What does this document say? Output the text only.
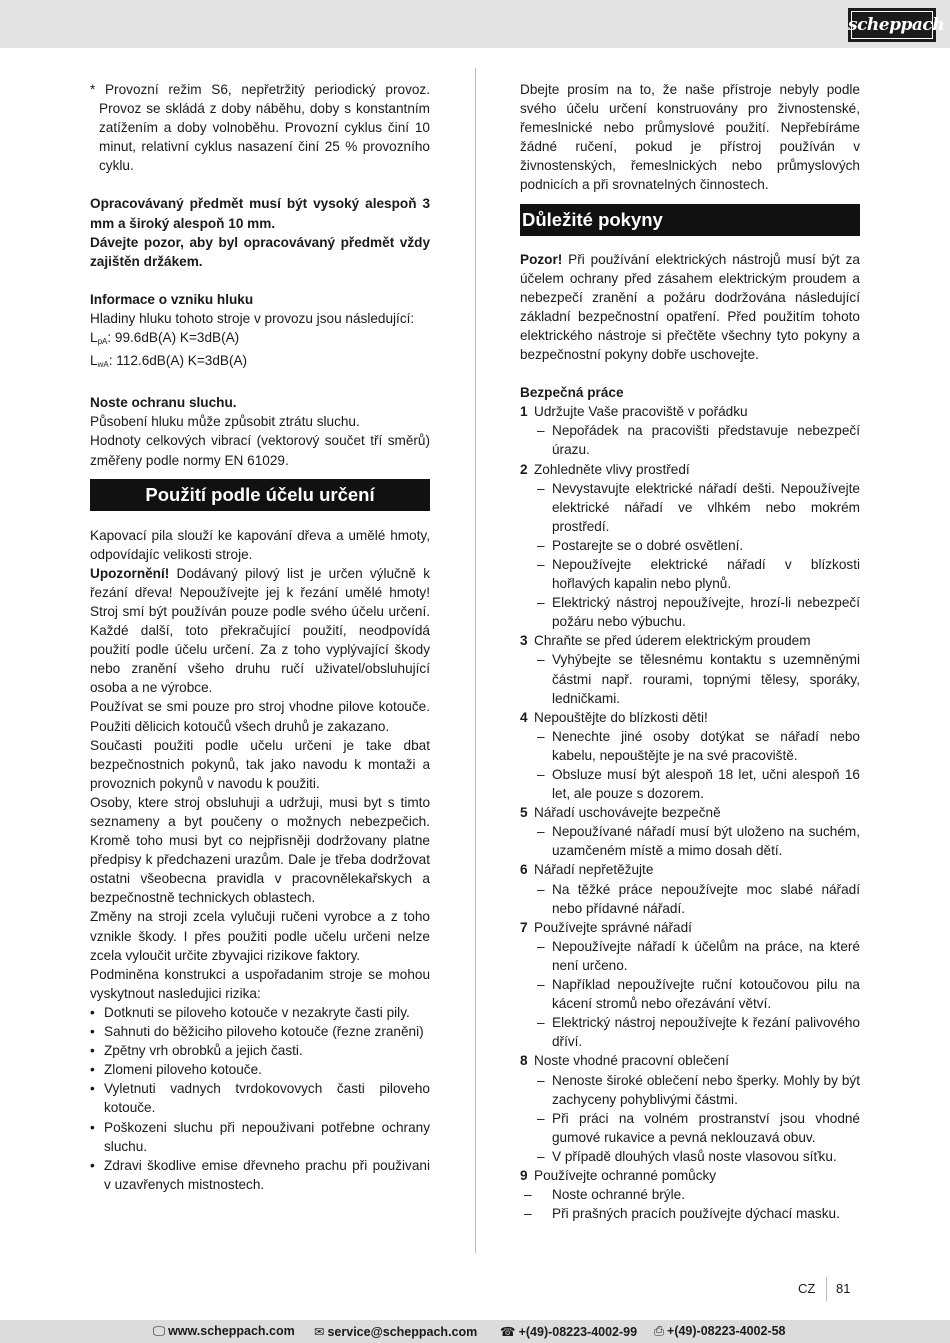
scheppach

* Provozní režim S6, nepřetržitý periodický provoz. Provoz se skládá z doby náběhu, doby s konstantním zatížením a doby volnoběhu. Provozní cyklus činí 10 minut, relativní cyklus nasazení činí 25 % provozního cyklu.

Opracovávaný předmět musí být vysoký alespoň 3 mm a široký alespoň 10 mm.

Dávejte pozor, aby byl opracovávaný předmět vždy zajištěn držákem.

Informace o vzniku hluku

Hladiny hluku tohoto stroje v provozu jsou následující:

$L_{pA}$: 99.6dB(A) K=3dB(A)

$L_{wA}$: 112.6dB(A) K=3dB(A)

Noste ochranu sluchu.

Působení hluku může způsobit ztrátu sluchu.

Hodnoty celkových vibrací (vektorový součet tří směrů) změřeny podle normy EN 61029.

Použití podle účelu určení

Kapovací pila slouží ke kapování dřeva a umělé hmoty, odpovídajíc velikosti stroje.

Upozornění! Dodávaný pilový list je určen výlučně k řezání dřeva! Nepoužívejte jej k řezání umělé hmoty! Stroj smí být používán pouze podle svého účelu určení. Každé další, toto překračující použití, neodpovídá použití podle účelu určení. Za z toho vyplývající škody nebo zranění všeho druhu ručí uživatel/obsluhující osoba a ne výrobce.

Používat se smi pouze pro stroj vhodne pilove kotouče. Použiti dělicich kotoučů všech druhů je zakazano.

Současti použiti podle učelu určeni je take dbat bezpečnostnich pokynů, tak jako navodu k montaži a provoznich pokynů v navodu k použiti.

Osoby, ktere stroj obsluhuji a udržuji, musi byt s timto seznameny a byt poučeny o možnych nebezpečich. Kromě toho musi byt co nejpřisněji dodržovany platne předpisy k předchazeni urazům. Dale je třeba dodržovat ostatni všeobecna pravidla v pracovnělekařskych a bezpečnostně technickych oblastech.

Změny na stroji zcela vylučuji ručeni vyrobce a z toho vznikle škody. I přes použiti podle učelu určeni nelze zcela vyloučit určite zbyvajici rizikove faktory.

Podminěna konstrukci a uspořadanim stroje se mohou vyskytnout nasledujici rizika:

• Dotknuti se piloveho kotouče v nezakryte časti pily.
• Sahnuti do běžiciho piloveho kotouče (řezne zraněni)
• Zpětny vrh obrobků a jejich časti.
• Zlomeni piloveho kotouče.
• Vyletnuti vadnych tvrdokovovych časti piloveho kotouče.
• Poškozeni sluchu při nepouživani potřebne ochrany sluchu.
• Zdravi škodlive emise dřevneho prachu při použivani v uzavřenych mistnostech.

Dbejte prosím na to, že naše přístroje nebyly podle svého účelu určení konstruovány pro živnostenské, řemeslnické nebo průmyslové použití. Nepřebíráme žádné ručení, pokud je přístroj používán v živnostenských, řemeslnických nebo průmyslových podnicích a při srovnatelných činnostech.

Důležité pokyny

Pozor! Při používání elektrických nástrojů musí být za účelem ochrany před zásahem elektrickým proudem a nebezpečí zranění a požáru dodržována následující základní bezpečnostní opatření. Před použitím tohoto elektrického nástroje si přečtěte všechny tyto pokyny a bezpečnostní pokyny dobře uschovejte.

Bezpečná práce

1 Udržujte Vaše pracoviště v pořádku
– Nepořádek na pracovišti představuje nebezpečí úrazu.
2 Zohledněte vlivy prostředí
– Nevystavujte elektrické nářadí dešti. Nepoužívejte elektrické nářadí ve vlhkém nebo mokrém prostředí.
– Postarejte se o dobré osvětlení.
– Nepoužívejte elektrické nářadí v blízkosti hořlavých kapalin nebo plynů.
– Elektrický nástroj nepoužívejte, hrozí-li nebezpečí požáru nebo výbuchu.
3 Chraňte se před úderem elektrickým proudem
– Vyhýbejte se tělesnému kontaktu s uzemněnými částmi např. rourami, topnými tělesy, sporáky, ledničkami.
4 Nepouštějte do blízkosti děti!
– Nenechte jiné osoby dotýkat se nářadí nebo kabelu, nepouštějte je na své pracoviště.
– Obsluze musí být alespoň 18 let, učni alespoň 16 let, ale pouze s dozorem.
5 Nářadí uschovávejte bezpečně
– Nepoužívané nářadí musí být uloženo na suchém, uzamčeném místě a mimo dosah dětí.
6 Nářadí nepřetěžujte
– Na těžké práce nepoužívejte moc slabé nářadí nebo přídavné nářadí.
7 Používejte správné nářadí
– Nepoužívejte nářadí k účelům na práce, na které není určeno.
– Například nepoužívejte ruční kotoučovou pilu na kácení stromů nebo ořezávání větví.
– Elektrický nástroj nepoužívejte k řezání palivového dříví.
8 Noste vhodné pracovní oblečení
– Nenoste široké oblečení nebo šperky. Mohly by být zachyceny pohyblivými částmi.
– Při práci na volném prostranství jsou vhodné gumové rukavice a pevná neklouzavá obuv.
– V případě dlouhých vlasů noste vlasovou síťku.
9 Používejte ochranné pomůcky
– Noste ochranné brýle.
– Při prašných pracích používejte dýchací masku.
CZ 81
🖵 www.scheppach.com ✉ service@scheppach.com ☎ +(49)-08223-4002-99 ⎙ +(49)-08223-4002-58
